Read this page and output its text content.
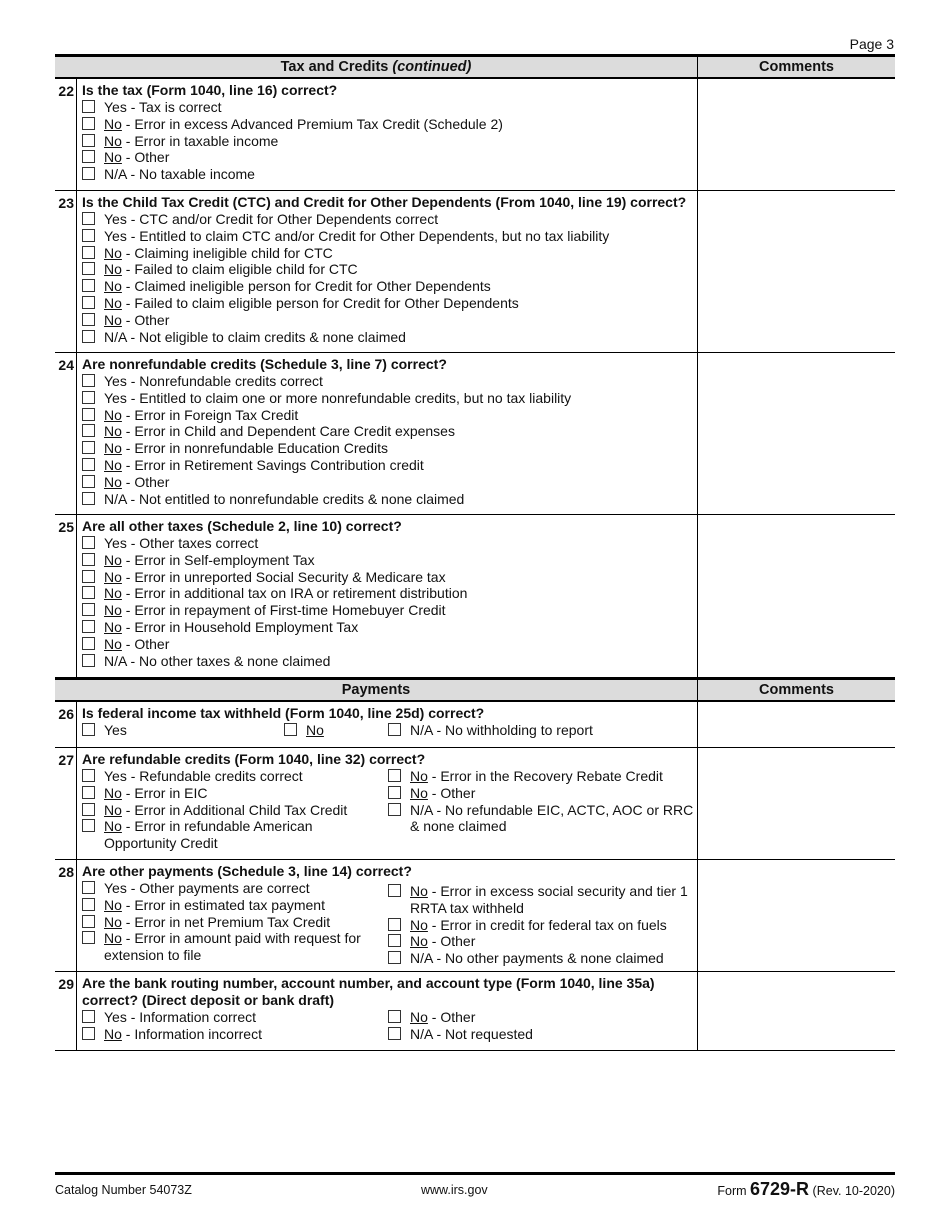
Page 3
Tax and Credits (continued)	Comments
22 Is the tax (Form 1040, line 16) correct?
Yes - Tax is correct
No - Error in excess Advanced Premium Tax Credit (Schedule 2)
No - Error in taxable income
No - Other
N/A - No taxable income
23 Is the Child Tax Credit (CTC) and Credit for Other Dependents (From 1040, line 19) correct?
Yes - CTC and/or Credit for Other Dependents correct
Yes - Entitled to claim CTC and/or Credit for Other Dependents, but no tax liability
No - Claiming ineligible child for CTC
No - Failed to claim eligible child for CTC
No - Claimed ineligible person for Credit for Other Dependents
No - Failed to claim eligible person for Credit for Other Dependents
No - Other
N/A - Not eligible to claim credits & none claimed
24 Are nonrefundable credits (Schedule 3, line 7) correct?
Yes - Nonrefundable credits correct
Yes - Entitled to claim one or more nonrefundable credits, but no tax liability
No - Error in Foreign Tax Credit
No - Error in Child and Dependent Care Credit expenses
No - Error in nonrefundable Education Credits
No - Error in Retirement Savings Contribution credit
No - Other
N/A - Not entitled to nonrefundable credits & none claimed
25 Are all other taxes (Schedule 2, line 10) correct?
Yes - Other taxes correct
No - Error in Self-employment Tax
No - Error in unreported Social Security & Medicare tax
No - Error in additional tax on IRA or retirement distribution
No - Error in repayment of First-time Homebuyer Credit
No - Error in Household Employment Tax
No - Other
N/A - No other taxes & none claimed
Payments	Comments
26 Is federal income tax withheld (Form 1040, line 25d) correct?
Yes	No	N/A - No withholding to report
27 Are refundable credits (Form 1040, line 32) correct?
Yes - Refundable credits correct
No - Error in EIC
No - Error in Additional Child Tax Credit
No - Error in refundable American Opportunity Credit
No - Error in the Recovery Rebate Credit
No - Other
N/A - No refundable EIC, ACTC, AOC or RRC & none claimed
28 Are other payments (Schedule 3, line 14) correct?
Yes - Other payments are correct
No - Error in estimated tax payment
No - Error in net Premium Tax Credit
No - Error in amount paid with request for extension to file
No - Error in excess social security and tier 1 RRTA tax withheld
No - Error in credit for federal tax on fuels
No - Other
N/A - No other payments & none claimed
29 Are the bank routing number, account number, and account type (Form 1040, line 35a) correct? (Direct deposit or bank draft)
Yes - Information correct
No - Information incorrect
No - Other
N/A - Not requested
Catalog Number 54073Z	www.irs.gov	Form 6729-R (Rev. 10-2020)
